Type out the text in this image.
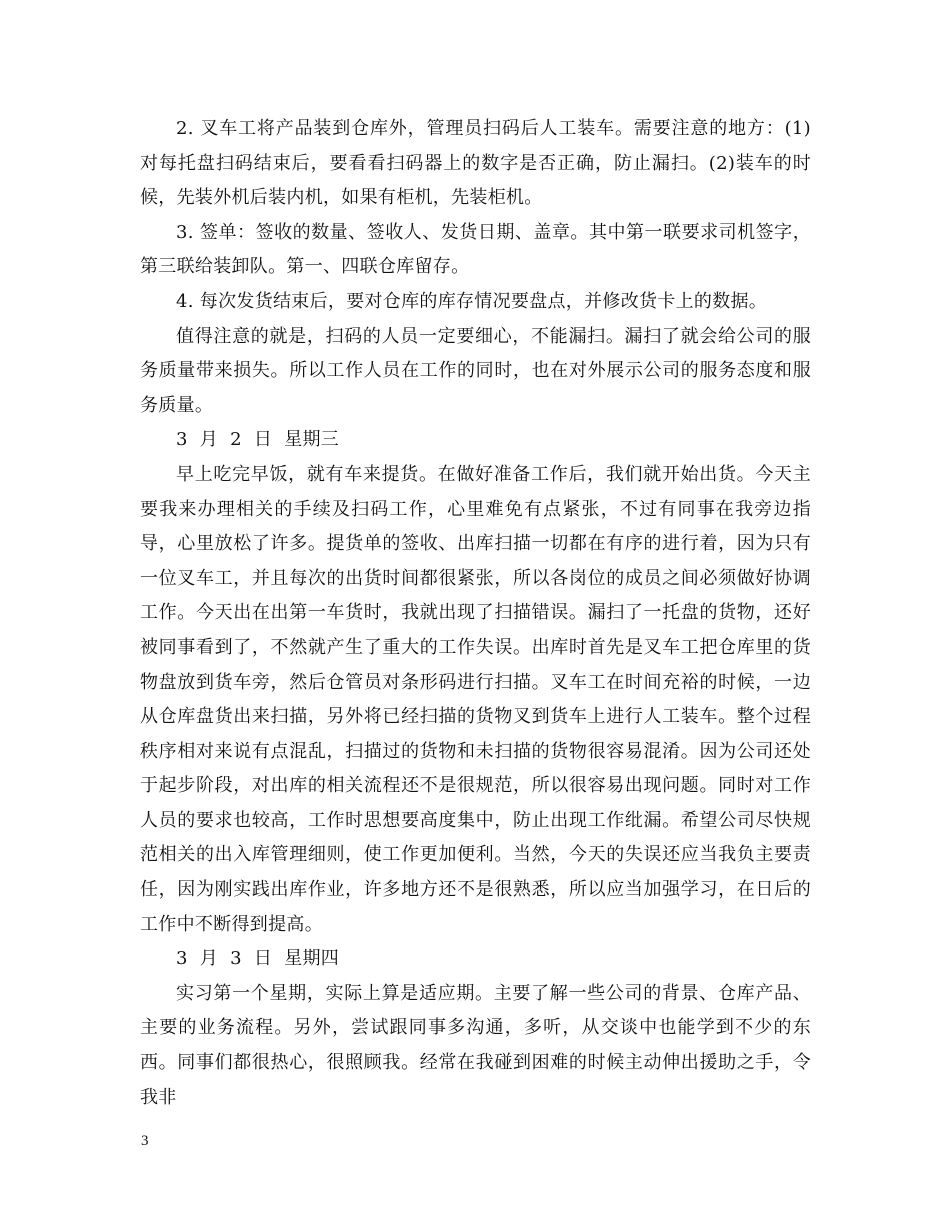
2. 叉车工将产品装到仓库外，管理员扫码后人工装车。需要注意的地方：(1) 对每托盘扫码结束后，要看看扫码器上的数字是否正确，防止漏扫。(2)装车的时候，先装外机后装内机，如果有柜机，先装柜机。

3. 签单：签收的数量、签收人、发货日期、盖章。其中第一联要求司机签字，第三联给装卸队。第一、四联仓库留存。

4. 每次发货结束后，要对仓库的库存情况要盘点，并修改货卡上的数据。

值得注意的就是，扫码的人员一定要细心，不能漏扫。漏扫了就会给公司的服务质量带来损失。所以工作人员在工作的同时，也在对外展示公司的服务态度和服务质量。

3 月 2 日 星期三

早上吃完早饭，就有车来提货。在做好准备工作后，我们就开始出货。今天主要我来办理相关的手续及扫码工作，心里难免有点紧张，不过有同事在我旁边指导，心里放松了许多。提货单的签收、出库扫描一切都在有序的进行着，因为只有一位叉车工，并且每次的出货时间都很紧张，所以各岗位的成员之间必须做好协调工作。今天出在出第一车货时，我就出现了扫描错误。漏扫了一托盘的货物，还好被同事看到了，不然就产生了重大的工作失误。出库时首先是叉车工把仓库里的货物盘放到货车旁，然后仓管员对条形码进行扫描。叉车工在时间充裕的时候，一边从仓库盘货出来扫描，另外将已经扫描的货物叉到货车上进行人工装车。整个过程秩序相对来说有点混乱，扫描过的货物和未扫描的货物很容易混淆。因为公司还处于起步阶段，对出库的相关流程还不是很规范，所以很容易出现问题。同时对工作人员的要求也较高，工作时思想要高度集中，防止出现工作纰漏。希望公司尽快规范相关的出入库管理细则，使工作更加便利。当然，今天的失误还应当我负主要责任，因为刚实践出库作业，许多地方还不是很熟悉，所以应当加强学习，在日后的工作中不断得到提高。

3 月 3 日 星期四

实习第一个星期，实际上算是适应期。主要了解一些公司的背景、仓库产品、主要的业务流程。另外，尝试跟同事多沟通，多听，从交谈中也能学到不少的东西。同事们都很热心，很照顾我。经常在我碰到困难的时候主动伸出援助之手，令我非

3
